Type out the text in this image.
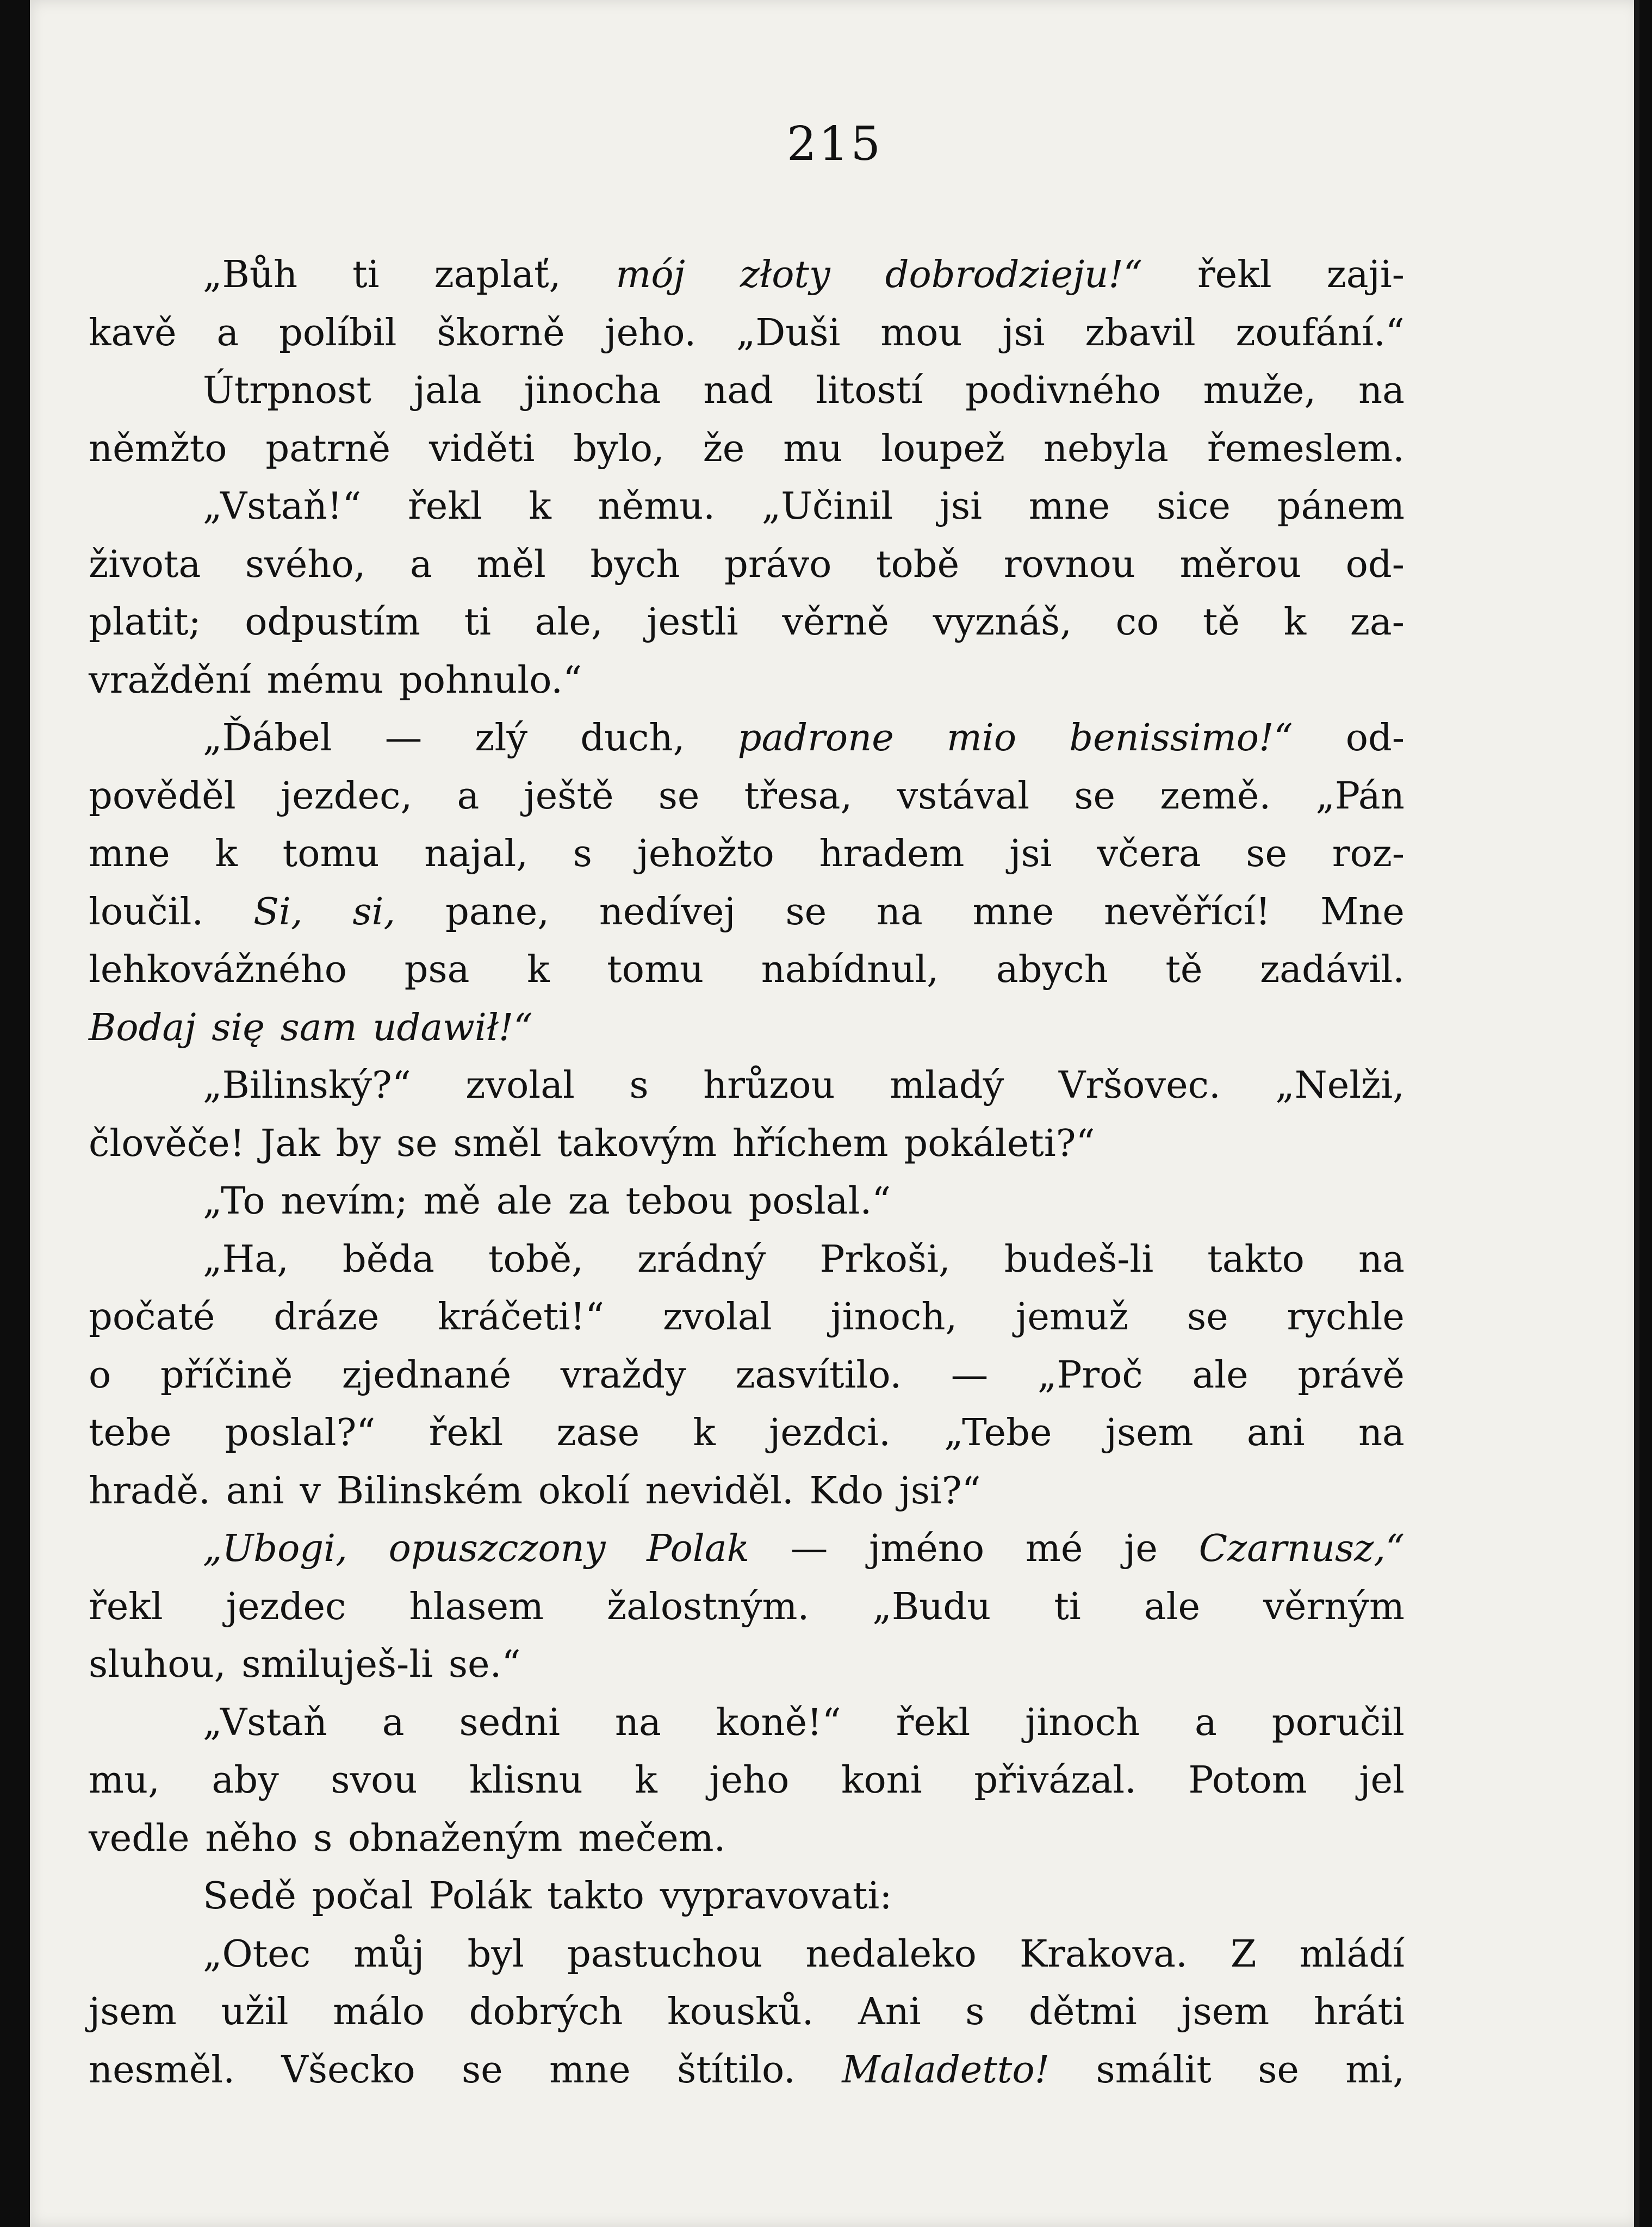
215
„Bůh ti zaplať, mój złoty dobrodzieju!“ řekl zaji-
kavě a políbil škorně jeho. „Duši mou jsi zbavil zoufání.“
Útrpnost jala jinocha nad litostí podivného muže, na
němžto patrně viděti bylo, že mu loupež nebyla řemeslem.
„Vstaň!“ řekl k němu. „Učinil jsi mne sice pánem
života svého, a měl bych právo tobě rovnou měrou od-
platit; odpustím ti ale, jestli věrně vyznáš, co tě k za-
vraždění mému pohnulo.“
„Ďábel — zlý duch, padrone mio benissimo!“ od-
pověděl jezdec, a ještě se třesa, vstával se země. „Pán
mne k tomu najal, s jehožto hradem jsi včera se roz-
loučil. Si, si, pane, nedívej se na mne nevěřící! Mne
lehkovážného psa k tomu nabídnul, abych tě zadávil.
Bodaj się sam udawił!“
„Bilinský?“ zvolal s hrůzou mladý Vršovec. „Nelži,
člověče! Jak by se směl takovým hříchem pokáleti?“
„To nevím; mě ale za tebou poslal.“
„Ha, běda tobě, zrádný Prkoši, budeš-li takto na
počaté dráze kráčeti!“ zvolal jinoch, jemuž se rychle
o příčině zjednané vraždy zasvítilo. — „Proč ale právě
tebe poslal?“ řekl zase k jezdci. „Tebe jsem ani na
hradě. ani v Bilinském okolí neviděl. Kdo jsi?“
„Ubogi, opuszczony Polak — jméno mé je Czarnusz,“
řekl jezdec hlasem žalostným. „Budu ti ale věrným
sluhou, smiluješ-li se.“
„Vstaň a sedni na koně!“ řekl jinoch a poručil
mu, aby svou klisnu k jeho koni přivázal. Potom jel
vedle něho s obnaženým mečem.
Sedě počal Polák takto vypravovati:
„Otec můj byl pastuchou nedaleko Krakova. Z mládí
jsem užil málo dobrých kousků. Ani s dětmi jsem hráti
nesměl. Všecko se mne štítilo. Maladetto! smálit se mi,
